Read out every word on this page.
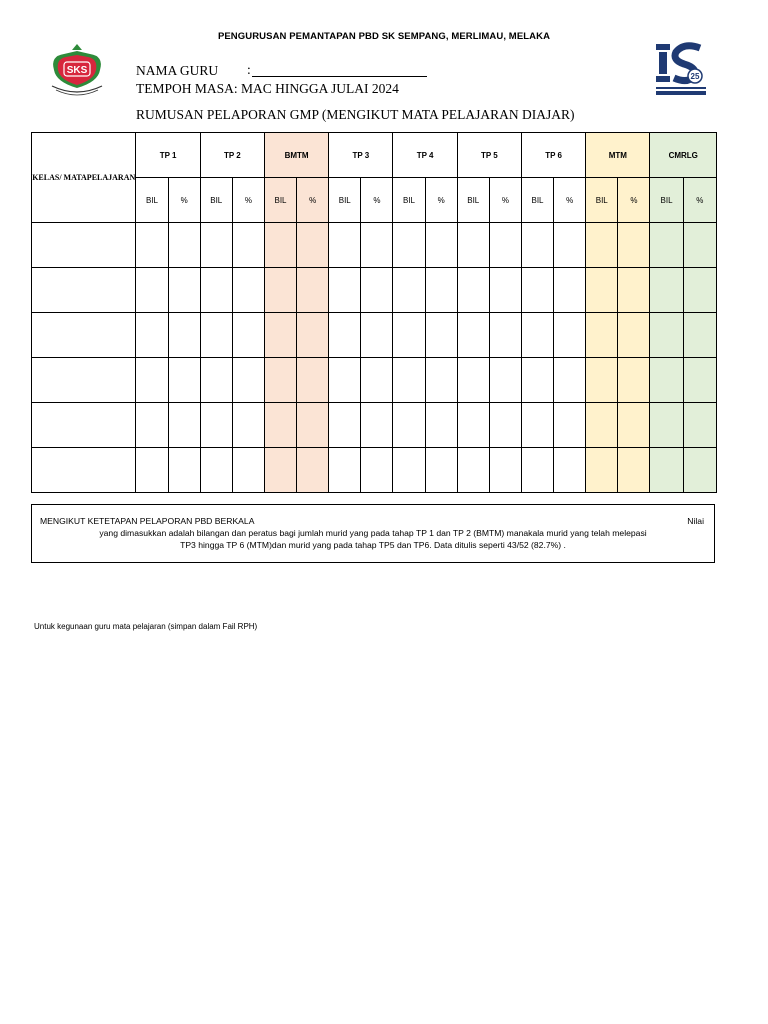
PENGURUSAN PEMANTAPAN PBD SK SEMPANG, MERLIMAU, MELAKA
SKS
25
NAMA GURU :
TEMPOH MASA: MAC HINGGA JULAI 2024
RUMUSAN PELAPORAN GMP (MENGIKUT MATA PELAJARAN DIAJAR)
KELAS/ MATAPELAJARAN	TP 1		TP 2		BMTM		TP 3		TP 4		TP 5		TP 6		MTM		CMRLG	
	BIL	%	BIL	%	BIL	%	BIL	%	BIL	%	BIL	%	BIL	%	BIL	%	BIL	%

MENGIKUT KETETAPAN PELAPORAN PBD BERKALA	Nilai
yang dimasukkan adalah bilangan dan peratus bagi jumlah murid yang pada tahap TP 1 dan TP 2 (BMTM) manakala murid yang telah melepasi
TP3 hingga TP 6 (MTM)dan murid yang pada tahap TP5 dan TP6. Data ditulis seperti 43/52 (82.7%) .
Untuk kegunaan guru mata pelajaran (simpan dalam Fail RPH)
